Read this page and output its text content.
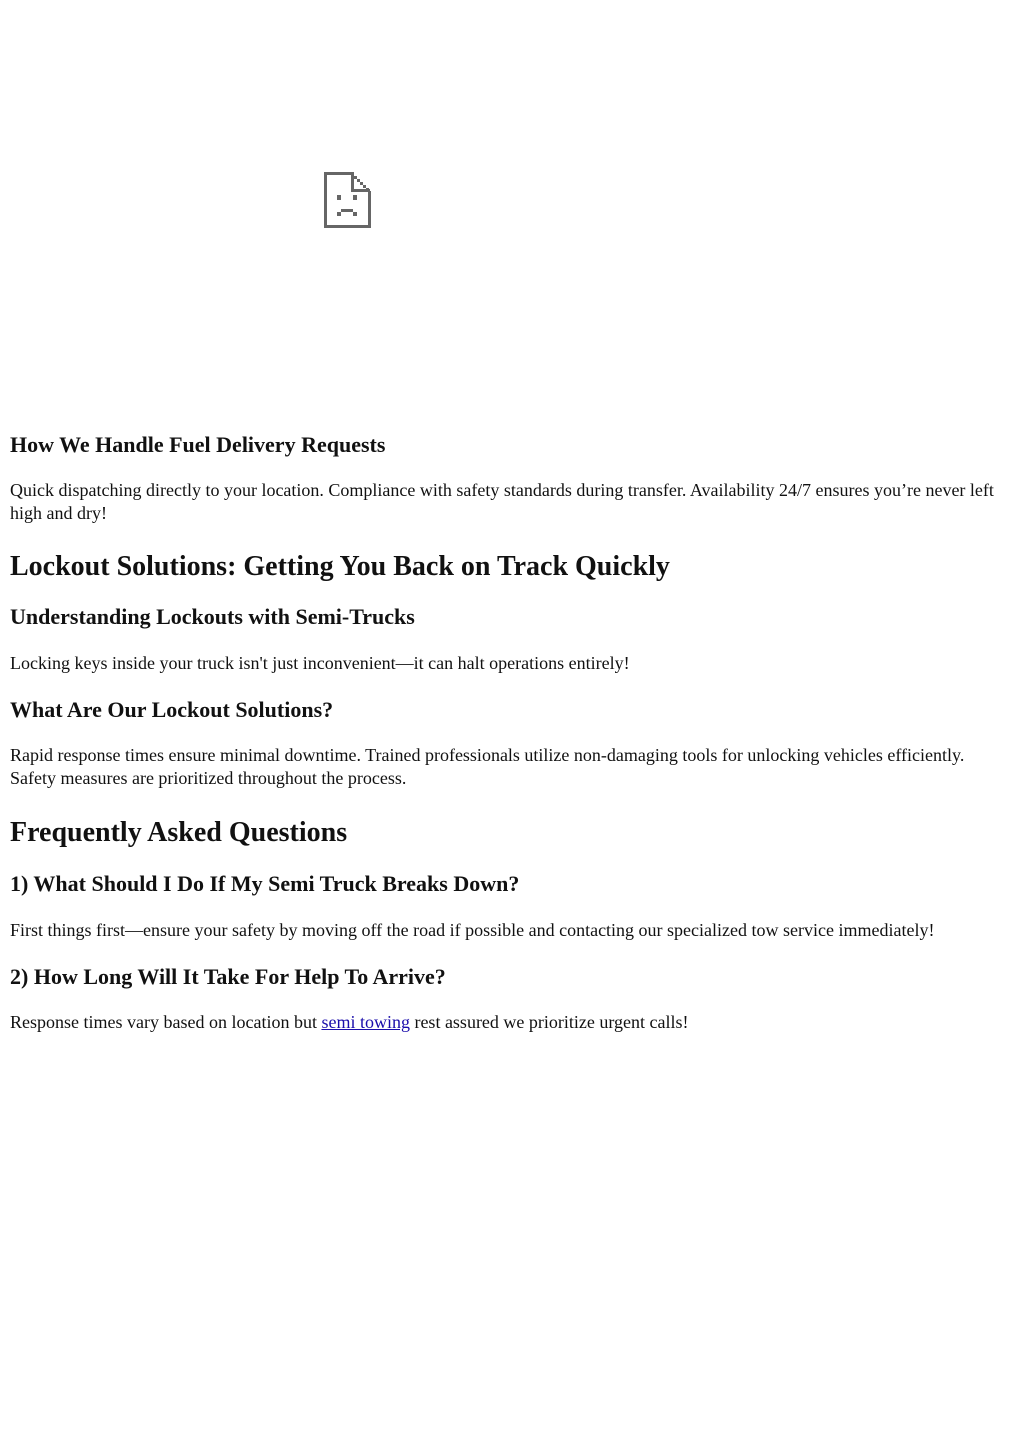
How We Handle Fuel Delivery Requests

Quick dispatching directly to your location. Compliance with safety standards during transfer. Availability 24/7 ensures you’re never left high and dry!

Lockout Solutions: Getting You Back on Track Quickly
Understanding Lockouts with Semi-Trucks

Locking keys inside your truck isn't just inconvenient—it can halt operations entirely!

What Are Our Lockout Solutions?

Rapid response times ensure minimal downtime. Trained professionals utilize non-damaging tools for unlocking vehicles efficiently. Safety measures are prioritized throughout the process.

Frequently Asked Questions
1) What Should I Do If My Semi Truck Breaks Down?

First things first—ensure your safety by moving off the road if possible and contacting our specialized tow service immediately!

2) How Long Will It Take For Help To Arrive?

Response times vary based on location but semi towing rest assured we prioritize urgent calls!
